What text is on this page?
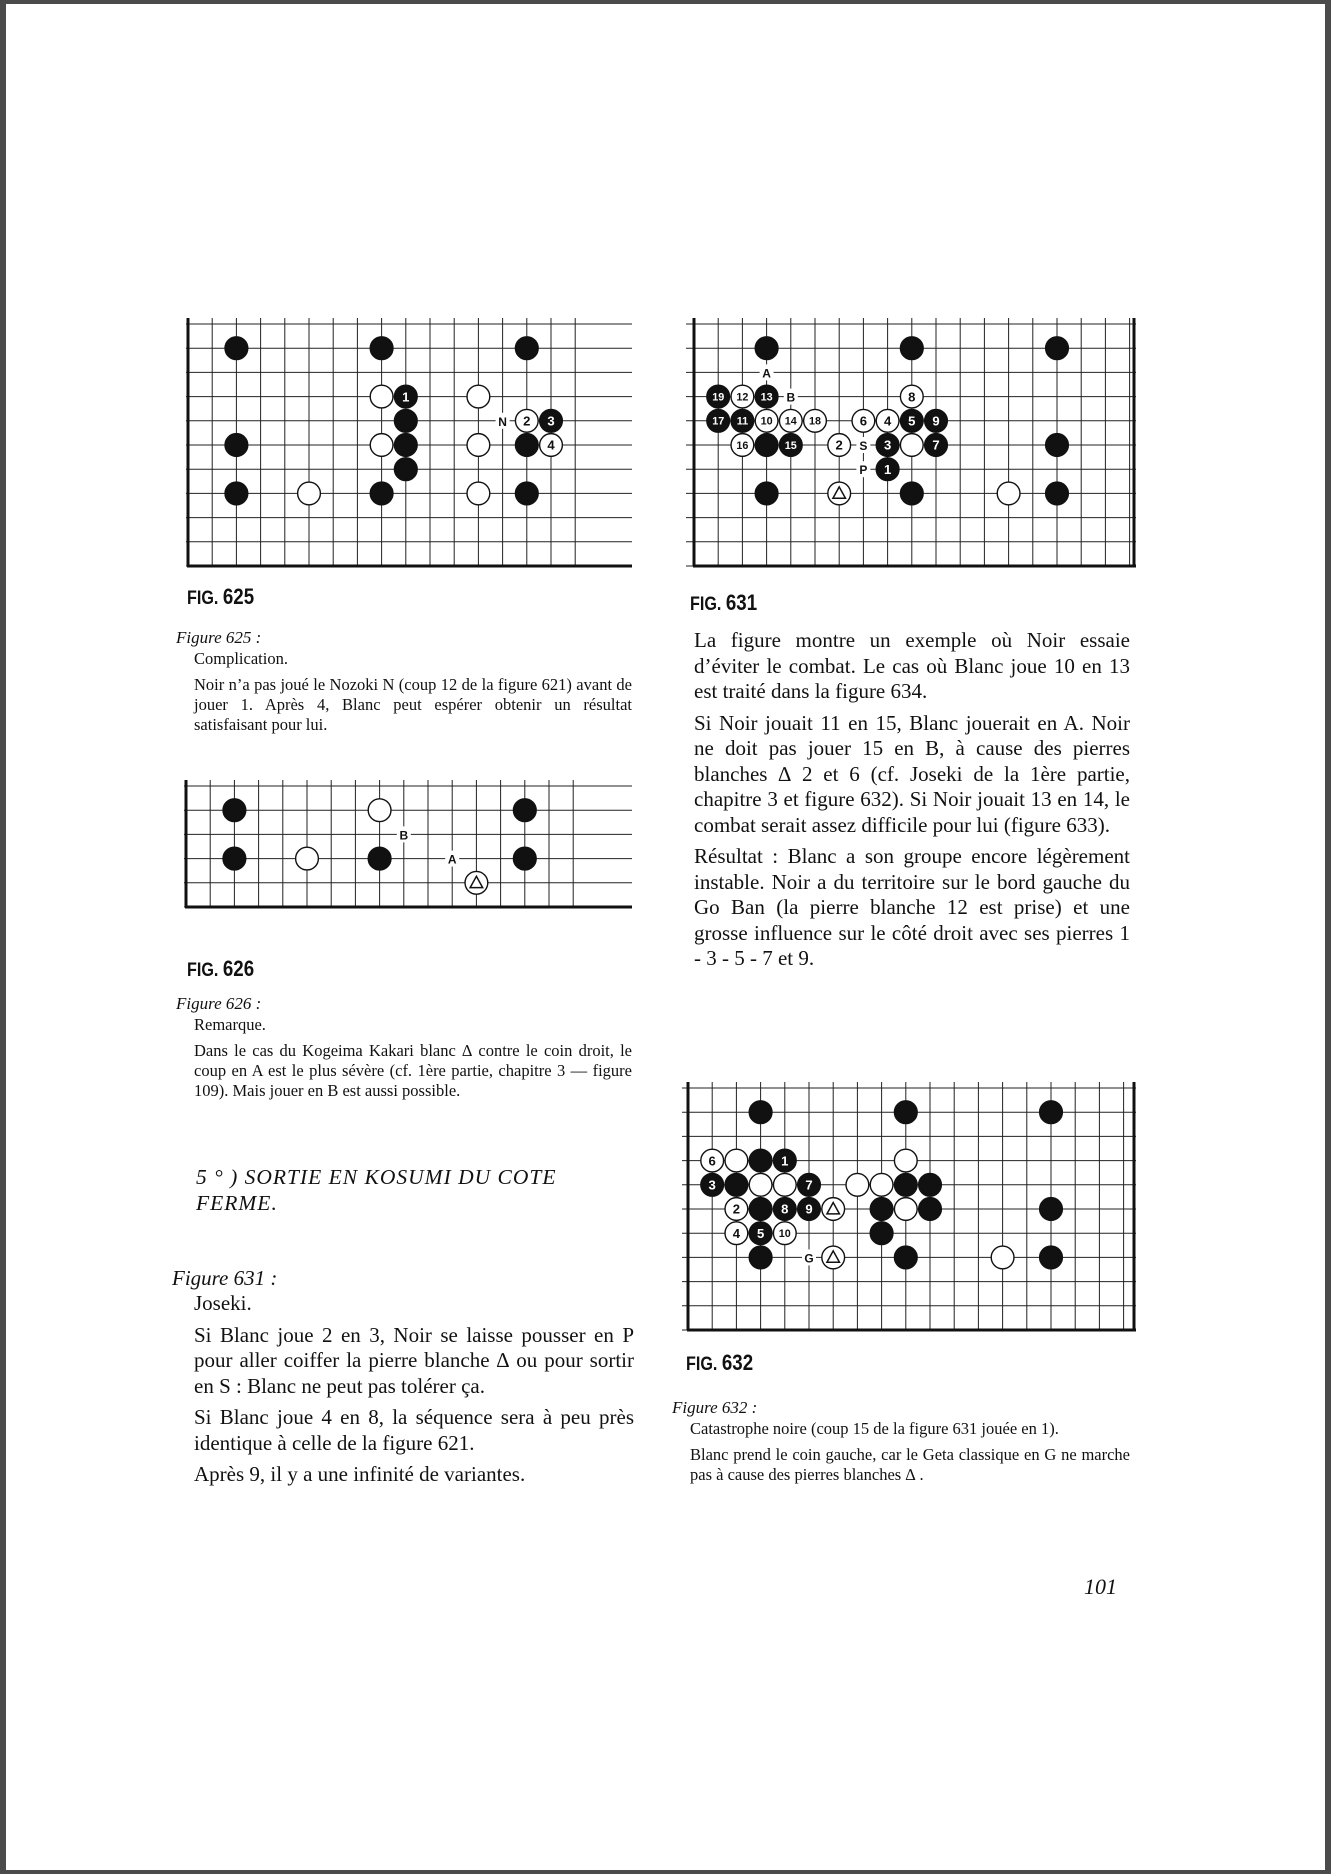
N
1
2 3
4
FIG. 625
Figure 625 :
Complication.
Noir n’a pas joué le Nozoki N (coup 12 de la figure 621) avant de jouer 1. Après 4, Blanc peut espérer obtenir un résultat satisfaisant pour lui.
B
A
FIG. 626
Figure 626 :
Remarque.
Dans le cas du Kogeima Kakari blanc ∆ contre le coin droit, le coup en A est le plus sévère (cf. 1ère partie, chapitre 3 — figure 109). Mais jouer en B est aussi possible.
5 ° ) SORTIE EN KOSUMI DU COTE FERME.
Figure 631 :
Joseki.
Si Blanc joue 2 en 3, Noir se laisse pousser en P pour aller coiffer la pierre blanche ∆ ou pour sortir en S : Blanc ne peut pas tolérer ça.
Si Blanc joue 4 en 8, la séquence sera à peu près identique à celle de la figure 621.
Après 9, il y a une infinité de variantes.
A
B
S
P
19 12 13	8
17 11 10 14 18	6 4 5 9
16	15	2	3	7
1
FIG. 631
La figure montre un exemple où Noir essaie d’éviter le combat. Le cas où Blanc joue 10 en 13 est traité dans la figure 634.
Si Noir jouait 11 en 15, Blanc jouerait en A. Noir ne doit pas jouer 15 en B, à cause des pierres blanches ∆ 2 et 6 (cf. Joseki de la 1ère partie, chapitre 3 et figure 632). Si Noir jouait 13 en 14, le combat serait assez difficile pour lui (figure 633).
Résultat : Blanc a son groupe encore légèrement instable. Noir a du territoire sur le bord gauche du Go Ban (la pierre blanche 12 est prise) et une grosse influence sur le côté droit avec ses pierres 1 - 3 - 5 - 7 et 9.
G
6	1
3	7
2	8 9
4 5 10
FIG. 632
Figure 632 :
Catastrophe noire (coup 15 de la figure 631 jouée en 1).
Blanc prend le coin gauche, car le Geta classique en G ne marche pas à cause des pierres blanches ∆ .
101
